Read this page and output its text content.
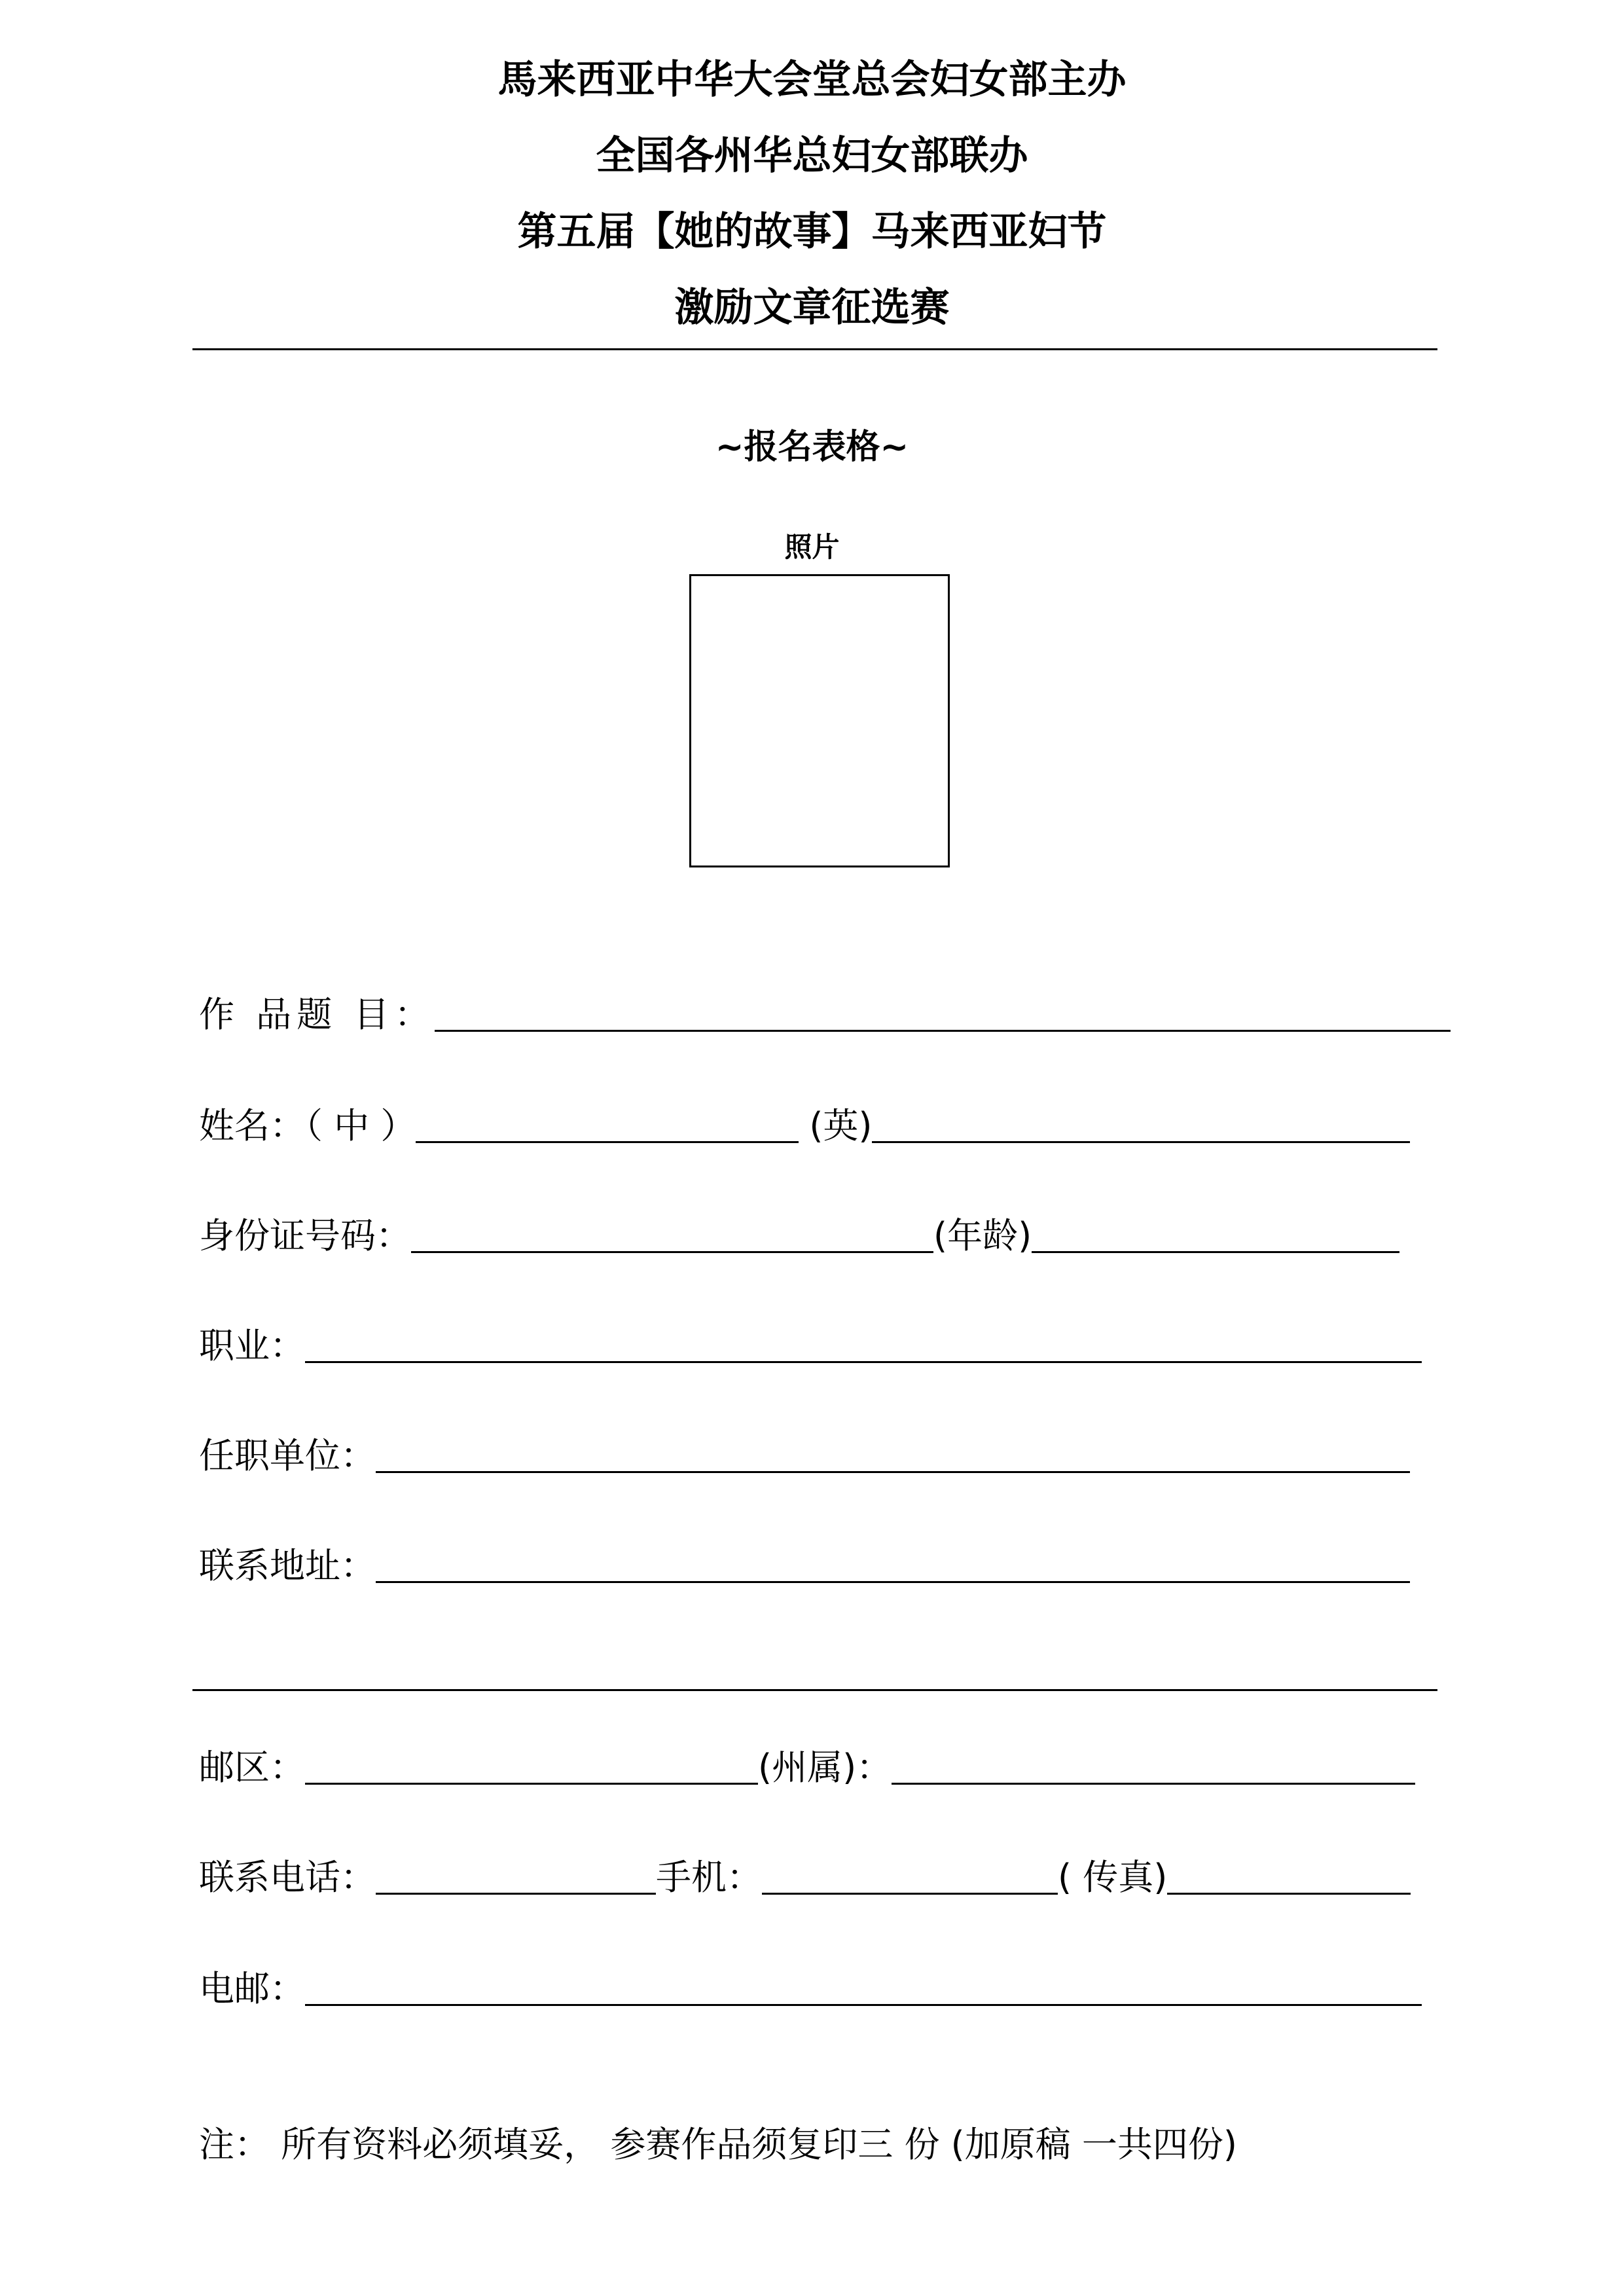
馬来西亚中华大会堂总会妇女部主办
全国各州华总妇女部联办
第五届【她的故事】马来西亚妇节
激励文章征选赛
~报名表格~
照片
作 品题 目：
姓名：（ 中 ）	(英)
身份证号码：	(年龄)
职业：
任职单位：
联系地址：
邮区：	(州属)：
联系电话：	手机：	( 传真)
电邮：
注： 所有资料必须填妥， 参赛作品须复印三 份 (加原稿 一共四份)
